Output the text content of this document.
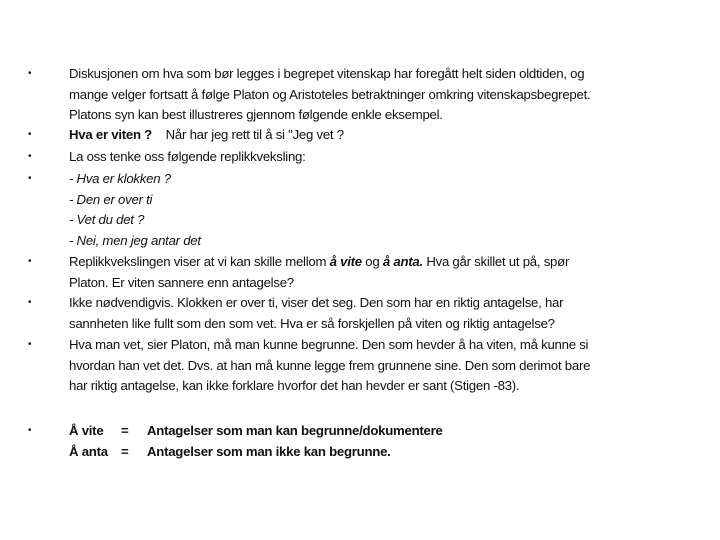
•	Diskusjonen om hva som bør legges i begrepet vitenskap har foregått helt siden oldtiden, og
mange velger fortsatt å følge Platon og Aristoteles betraktninger omkring vitenskapsbegrepet.
Platons syn kan best illustreres gjennom følgende enkle eksempel.
•	Hva er viten ? Når har jeg rett til å si "Jeg vet ?
•	La oss tenke oss følgende replikkveksling:
•	- Hva er klokken ?
- Den er over ti
- Vet du det ?
- Nei, men jeg antar det
•	Replikkvekslingen viser at vi kan skille mellom å vite og å anta. Hva går skillet ut på, spør
Platon. Er viten sannere enn antagelse?
•	Ikke nødvendigvis. Klokken er over ti, viser det seg. Den som har en riktig antagelse, har
sannheten like fullt som den som vet. Hva er så forskjellen på viten og riktig antagelse?
•	Hva man vet, sier Platon, må man kunne begrunne. Den som hevder å ha viten, må kunne si
hvordan han vet det. Dvs. at han må kunne legge frem grunnene sine. Den som derimot bare
har riktig antagelse, kan ikke forklare hvorfor det han hevder er sant (Stigen -83).
•	Å vite = Antagelser som man kan begrunne/dokumentere
Å anta = Antagelser som man ikke kan begrunne.
